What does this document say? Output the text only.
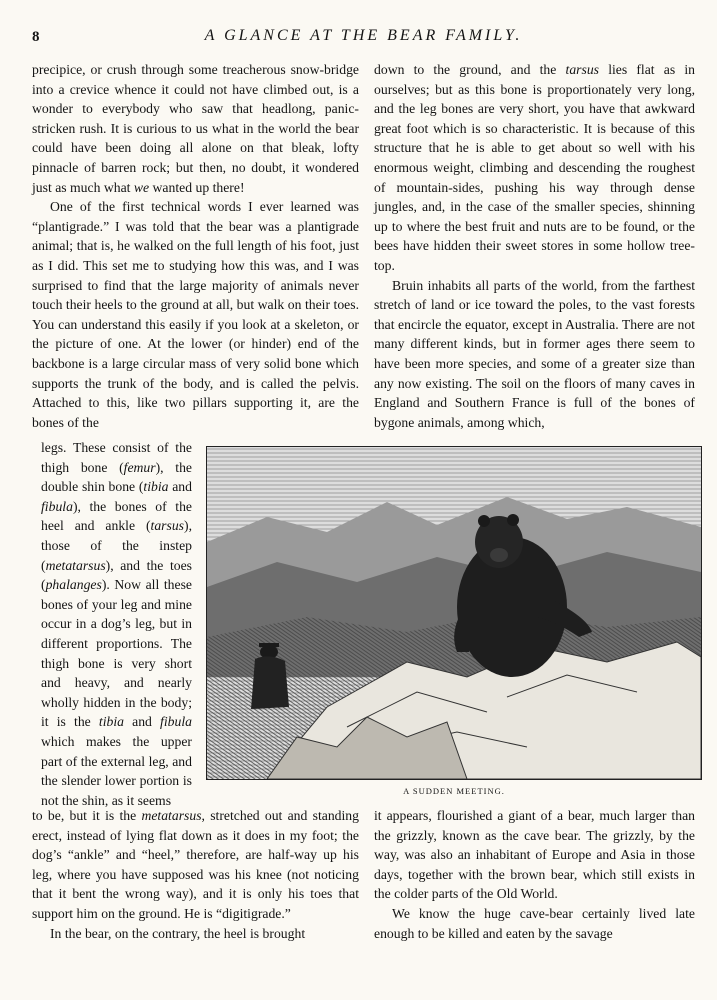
8	A GLANCE AT THE BEAR FAMILY.

precipice, or crush through some treacherous snow-bridge into a crevice whence it could not have climbed out, is a wonder to everybody who saw that headlong, panic-stricken rush. It is curious to us what in the world the bear could have been doing all alone on that bleak, lofty pinnacle of barren rock; but then, no doubt, it wondered just as much what we wanted up there!

One of the first technical words I ever learned was “plantigrade.” I was told that the bear was a plantigrade animal; that is, he walked on the full length of his foot, just as I did. This set me to studying how this was, and I was surprised to find that the large majority of animals never touch their heels to the ground at all, but walk on their toes. You can understand this easily if you look at a skeleton, or the picture of one. At the lower (or hinder) end of the backbone is a large circular mass of very solid bone which supports the trunk of the body, and is called the pelvis. Attached to this, like two pillars supporting it, are the bones of the

legs. These consist of the thigh bone (femur), the double shin bone (tibia and fibula), the bones of the heel and ankle (tarsus), those of the instep (metatarsus), and the toes (phalanges). Now all these bones of your leg and mine occur in a dog’s leg, but in different proportions. The thigh bone is very short and heavy, and nearly wholly hidden in the body; it is the tibia and fibula which makes the upper part of the external leg, and the slender lower portion is not the shin, as it seems

to be, but it is the metatarsus, stretched out and standing erect, instead of lying flat down as it does in my foot; the dog’s “ankle” and “heel,” therefore, are half-way up his leg, where you have supposed was his knee (not noticing that it bent the wrong way), and it is only his toes that support him on the ground. He is “digitigrade.”

In the bear, on the contrary, the heel is brought

down to the ground, and the tarsus lies flat as in ourselves; but as this bone is proportionately very long, and the leg bones are very short, you have that awkward great foot which is so characteristic. It is because of this structure that he is able to get about so well with his enormous weight, climbing and descending the roughest of mountain-sides, pushing his way through dense jungles, and, in the case of the smaller species, shinning up to where the best fruit and nuts are to be found, or the bees have hidden their sweet stores in some hollow tree-top.

Bruin inhabits all parts of the world, from the farthest stretch of land or ice toward the poles, to the vast forests that encircle the equator, except in Australia. There are not many different kinds, but in former ages there seem to have been more species, and some of a greater size than any now existing. The soil on the floors of many caves in England and Southern France is full of the bones of bygone animals, among which,

it appears, flourished a giant of a bear, much larger than the grizzly, known as the cave bear. The grizzly, by the way, was also an inhabitant of Europe and Asia in those days, together with the brown bear, which still exists in the colder parts of the Old World.

We know the huge cave-bear certainly lived late enough to be killed and eaten by the savage

A SUDDEN MEETING.
